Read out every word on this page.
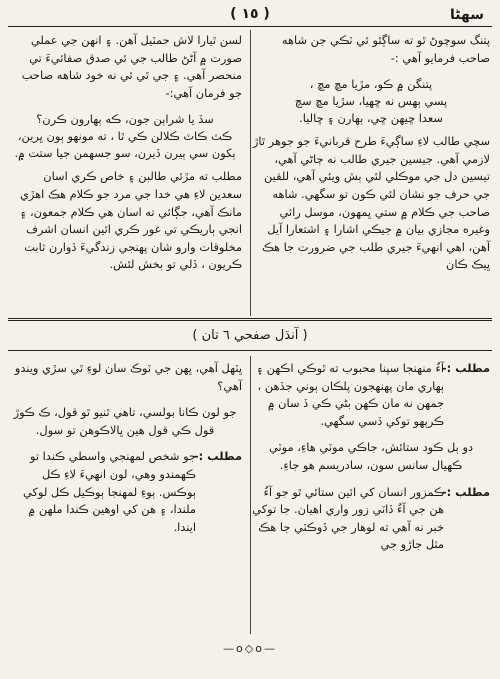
سهڻا
( ١٥ )

پتنگ سوچوڻ ٿو ته ساڳئو ئي ٽڪي جن شاهه صاحب فرمايو آهي :-

پتنگن ۾ ڪو، مڙيا مڇ مڇ ،
پسي ٻهس نه ڇهيا، سڙيا مڇ سچ
سعدا ڇيهن ڇي، ٻهارن ۽ ڇاليا.

سچي طالب لاءِ ساڳيءَ طرح قربانيءَ جو جوهر ٿاڙ لازمي آهي. جيسين جيري طالب نه ڄاڻي آهي، تيسين دل جي موڪلي لئي ٻش ويئي آهي، للقين جي حرف جو نشان لئي ڪون تو سگهي. شاهه صاحب جي ڪلام ۾ ستي ڀمهون، موسل رائي وغيره مجازي بيان ۾ جيڪي اشارا ۽ اشتعارا آيل آهن، اهي انهيءَ جيري طلب جي ضرورت جا هڪ ڀيڪ ڪان

لسن ٿيارا لاش حمٽيل آهن. ۽ انهن جي عملي صورت ۾ آڻڻ طالب جي ئي صدق صفائيءَ تي منحصر آهي. ۽ جي ٿي ئي نه خود شاهه صاحب جو فرمان آهي:-

سڏ يا شراٻن جون، ڪه ٻهارون ڪرن؟
ڪٽ ڪاٽ ڪلالن ڪي ٿا ، ته مونهو ٻون ڀرين،
ٻکون سي ٻيرن ڏيرن، سو جسهمن جيا ستت ۾.

مطلب ته مڙئي طالبن ۽ خاص ڪري اسان سعدين لاءِ هي خدا جي مرد جو ڪلام هڪ اهڙي مانڪ آهي، جڳائي ته اسان هي ڪلام جمعون، ۽ انجي ٻاريڪي تي غور ڪري ائين انسان اشرف مخلوقات وارو شان پهنجي زندگيءَ ڏوارن ثابت ڪريون ، ڏلي تو بخش لئش.

( آنڌل صفحي ٦ تان )
مطلب :-
آءُ منهنجا سپنا محبوب ته ٿوڪي اڪهن ۽ ٻهاري مان پهنهجون پلڪان ٻوني جڏهن ، جمهن نه مان ڪهن بڻي ڪي ڏ سان ۾ ڪرٻهو توکي ڏسي سگهي.
دو ٻل ڪود ستائش، جاڪي موٽي هاءِ، موٽي ڪهيال سانس سون، سادريسم هو جاءِ.
مطلب :-
ڪمزور انسان کي ائين ستائي ٿو جو آءُ هن جي آءُ ڏاٽي زور واري اهيان. جا توکي خبر نه آهي ته لوهار جي ڏوڪٽي جا هڪ مثل جاڙو جي
ڀٽهل آهي، ڀهن جي ٽوڪ سان لوءِ ٿي سڙي ويندو آهي؟
جو لون ڪانا بولسي، تاهي ٿنيو ٿو قول، ڪ ڪوڙ قول ڪي قول هين ڀالاڪوهن تو سول.
مطلب :-
جو شخص لمهنجي واسطي ڪندا تو ڪهمندو وهي، لون انهيءَ لاءِ ڪل ٻوڪس. ٻوءِ لمهنجا ٻوڪيل ڪل لوکي ملندا، ۽ هن کي اوهين ڪندا ملهن ۾ ايندا.
—o◇o—
